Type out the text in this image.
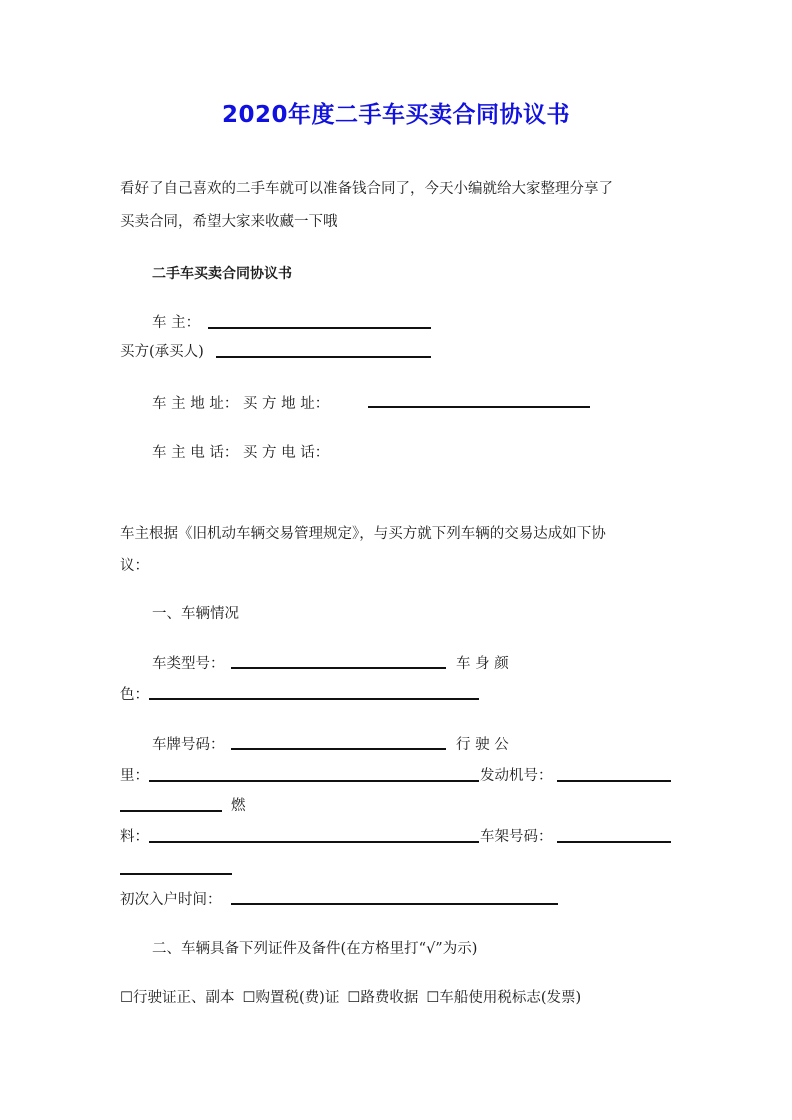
2020年度二手车买卖合同协议书
看好了自己喜欢的二手车就可以准备钱合同了，今天小编就给大家整理分享了
买卖合同，希望大家来收藏一下哦
二手车买卖合同协议书
车 主：
买方(承买人)
车 主 地 址： 买 方 地 址：
车 主 电 话： 买 方 电 话：
车主根据《旧机动车辆交易管理规定》，与买方就下列车辆的交易达成如下协
议：
一、车辆情况
车类型号：	车 身 颜
色：
车牌号码：	行 驶 公
里：	发动机号：
燃
料：	车架号码：
初次入户时间：
二、车辆具备下列证件及备件(在方格里打“√”为示)
☐行驶证正、副本 ☐购置税(费)证 ☐路费收据 ☐车船使用税标志(发票)
